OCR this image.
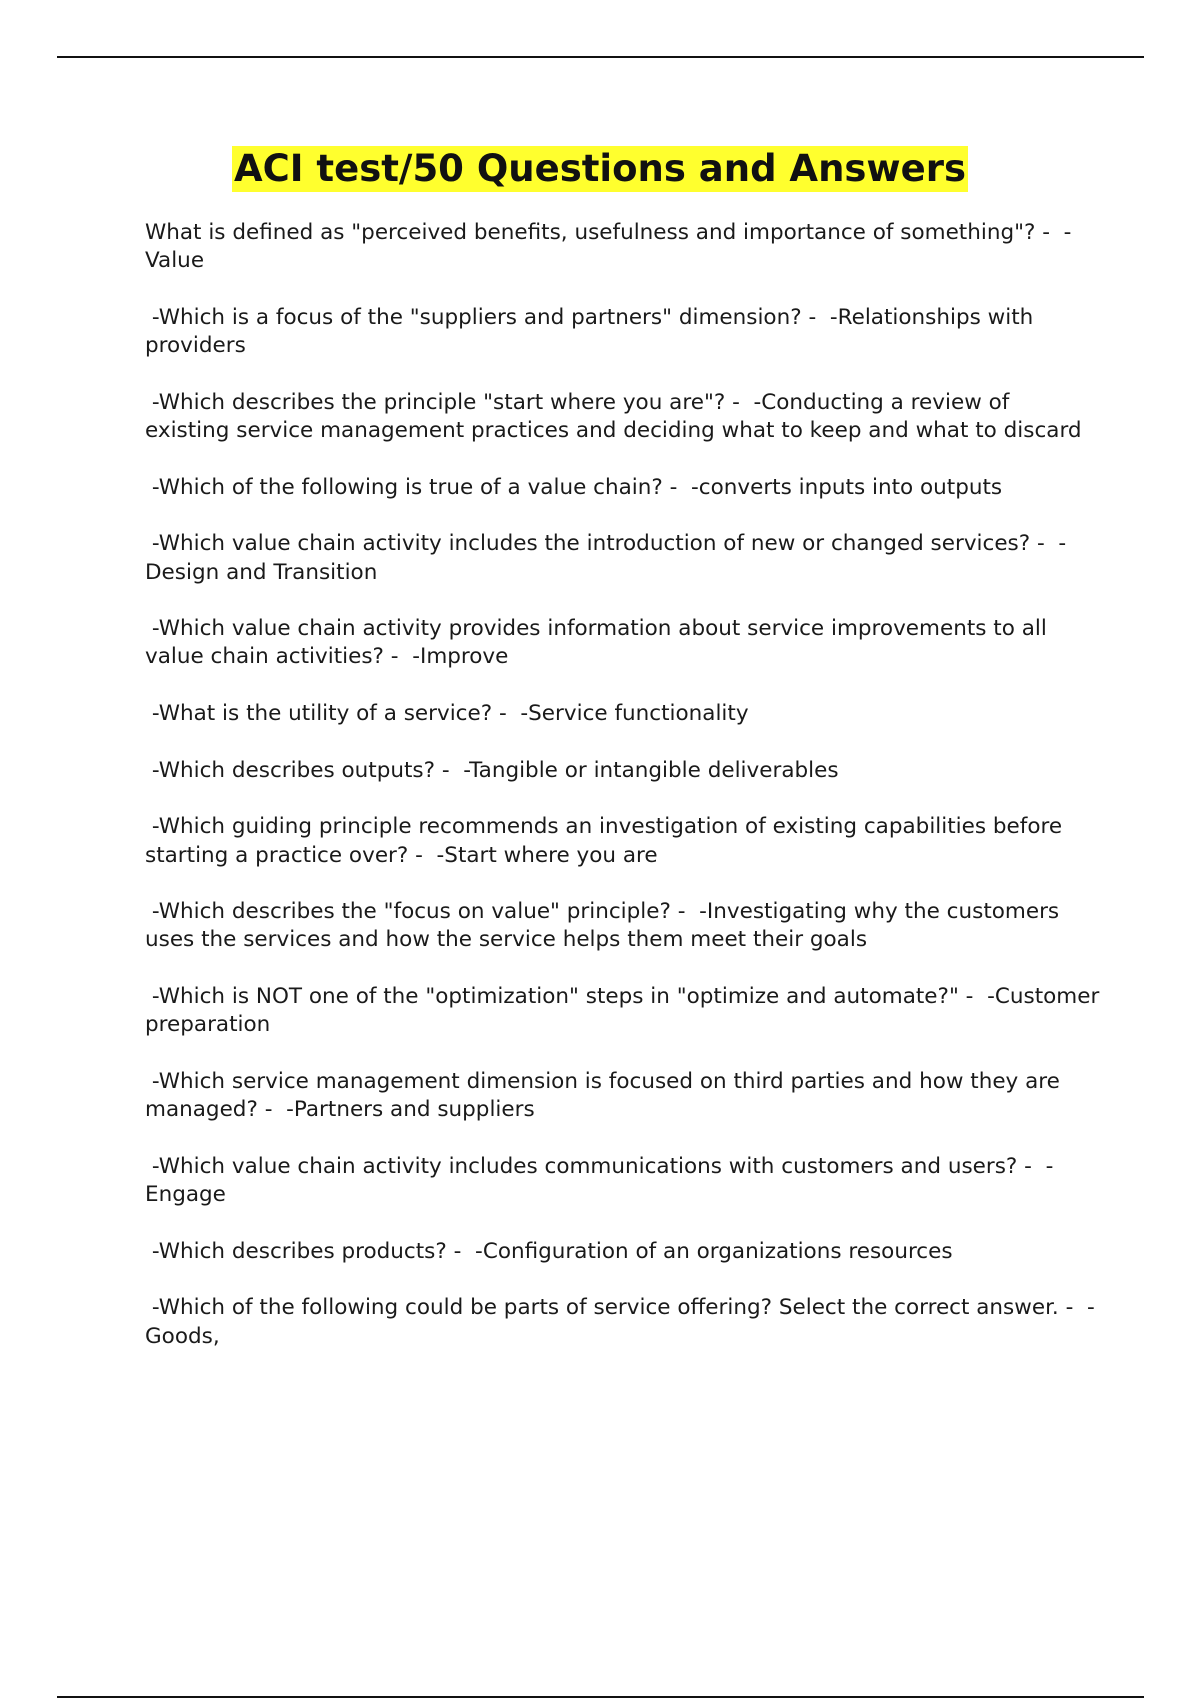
ACI test/50 Questions and Answers
What is defined as "perceived benefits, usefulness and importance of something"? -  -Value
-Which is a focus of the "suppliers and partners" dimension? -  -Relationships with providers
-Which describes the principle "start where you are"? -  -Conducting a review of existing service management practices and deciding what to keep and what to discard
-Which of the following is true of a value chain? -  -converts inputs into outputs
-Which value chain activity includes the introduction of new or changed services? -  -Design and Transition
-Which value chain activity provides information about service improvements to all value chain activities? -  -Improve
-What is the utility of a service? -  -Service functionality
-Which describes outputs? -  -Tangible or intangible deliverables
-Which guiding principle recommends an investigation of existing capabilities before starting a practice over? -  -Start where you are
-Which describes the "focus on value" principle? -  -Investigating why the customers uses the services and how the service helps them meet their goals
-Which is NOT one of the "optimization" steps in "optimize and automate?" -  -Customer preparation
-Which service management dimension is focused on third parties and how they are managed? -  -Partners and suppliers
-Which value chain activity includes communications with customers and users? -  -Engage
-Which describes products? -  -Configuration of an organizations resources
-Which of the following could be parts of service offering? Select the correct answer. -  -Goods,
